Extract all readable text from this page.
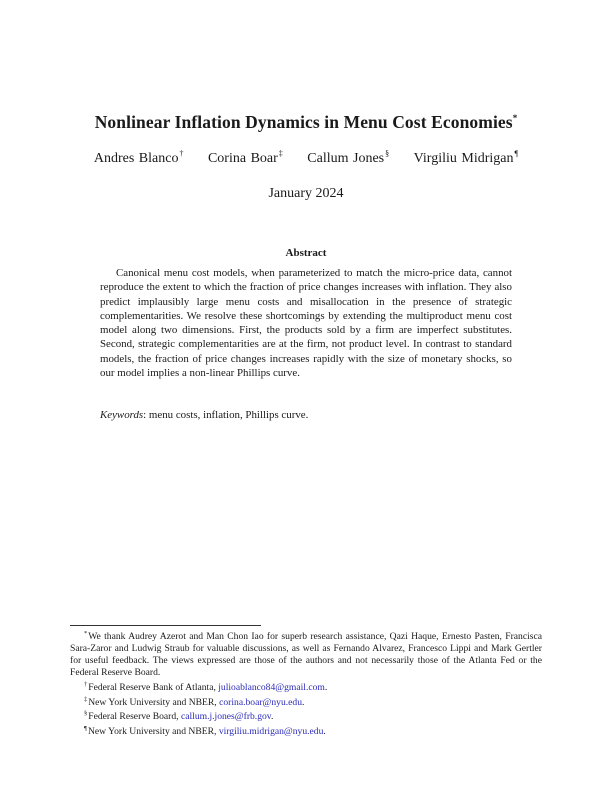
Nonlinear Inflation Dynamics in Menu Cost Economies*
Andres Blanco† Corina Boar‡ Callum Jones§ Virgiliu Midrigan¶
January 2024
Abstract
Canonical menu cost models, when parameterized to match the micro-price data, cannot reproduce the extent to which the fraction of price changes increases with inflation. They also predict implausibly large menu costs and misallocation in the presence of strategic complementarities. We resolve these shortcomings by extending the multiproduct menu cost model along two dimensions. First, the products sold by a firm are imperfect substitutes. Second, strategic complementarities are at the firm, not product level. In contrast to standard models, the fraction of price changes increases rapidly with the size of monetary shocks, so our model implies a non-linear Phillips curve.
Keywords: menu costs, inflation, Phillips curve.

*We thank Audrey Azerot and Man Chon Iao for superb research assistance, Qazi Haque, Ernesto Pasten, Francisca Sara-Zaror and Ludwig Straub for valuable discussions, as well as Fernando Alvarez, Francesco Lippi and Mark Gertler for useful feedback. The views expressed are those of the authors and not necessarily those of the Atlanta Fed or the Federal Reserve Board.

†Federal Reserve Bank of Atlanta, julioablanco84@gmail.com.

‡New York University and NBER, corina.boar@nyu.edu.

§Federal Reserve Board, callum.j.jones@frb.gov.

¶New York University and NBER, virgiliu.midrigan@nyu.edu.
